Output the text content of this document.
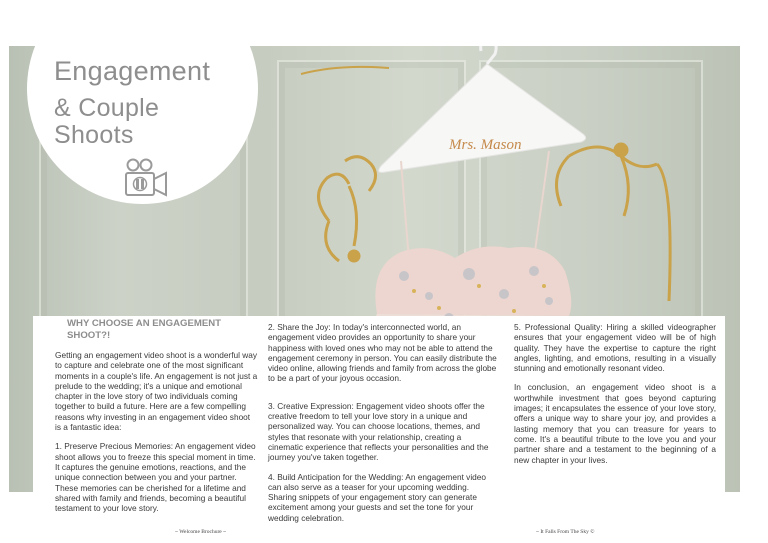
Mrs. Mason
Engagement
& Couple
Shoots
WHY CHOOSE AN ENGAGEMENT SHOOT?!

Getting an engagement video shoot is a wonderful way to capture and celebrate one of the most significant moments in a couple's life. An engagement is not just a prelude to the wedding; it's a unique and emotional chapter in the love story of two individuals coming together to build a future. Here are a few compelling reasons why investing in an engagement video shoot is a fantastic idea:

1. Preserve Precious Memories: An engagement video shoot allows you to freeze this special moment in time. It captures the genuine emotions, reactions, and the unique connection between you and your partner. These memories can be cherished for a lifetime and shared with family and friends, becoming a beautiful testament to your love story.

2. Share the Joy: In today's interconnected world, an engagement video provides an opportunity to share your happiness with loved ones who may not be able to attend the engagement ceremony in person. You can easily distribute the video online, allowing friends and family from across the globe to be a part of your joyous occasion.

3. Creative Expression: Engagement video shoots offer the creative freedom to tell your love story in a unique and personalized way. You can choose locations, themes, and styles that resonate with your relationship, creating a cinematic experience that reflects your personalities and the journey you've taken together.

4. Build Anticipation for the Wedding: An engagement video can also serve as a teaser for your upcoming wedding. Sharing snippets of your engagement story can generate excitement among your guests and set the tone for your wedding celebration.

5. Professional Quality: Hiring a skilled videographer ensures that your engagement video will be of high quality. They have the expertise to capture the right angles, lighting, and emotions, resulting in a visually stunning and emotionally resonant video.

In conclusion, an engagement video shoot is a worthwhile investment that goes beyond capturing images; it encapsulates the essence of your love story, offers a unique way to share your joy, and provides a lasting memory that you can treasure for years to come. It's a beautiful tribute to the love you and your partner share and a testament to the beginning of a new chapter in your lives.

~ Welcome Brochure ~	~ It Falls From The Sky ©
